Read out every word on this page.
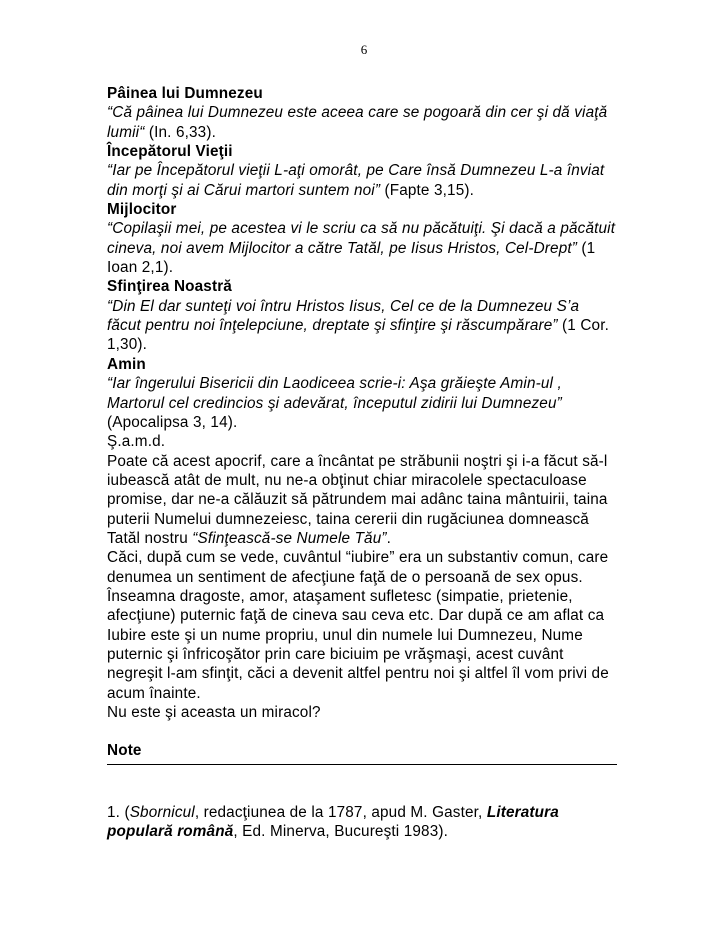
6

Pâinea lui Dumnezeu

“Că pâinea lui Dumnezeu este aceea care se pogoară din cer şi dă viaţă lumii“ (In. 6,33).

Începătorul Vieţii

“Iar pe Începătorul vieţii L-aţi omorât, pe Care însă Dumnezeu L-a înviat din morţi şi ai Cărui martori suntem noi” (Fapte 3,15).

Mijlocitor

“Copilaşii mei, pe acestea vi le scriu ca să nu păcătuiţi. Şi dacă a păcătuit cineva, noi avem Mijlocitor a către Tatăl, pe Iisus Hristos, Cel-Drept” (1 Ioan 2,1).

Sfinţirea Noastră

“Din El dar sunteţi voi întru Hristos Iisus, Cel ce de la Dumnezeu S’a făcut pentru noi înţelepciune, dreptate şi sfinţire şi răscumpărare” (1 Cor. 1,30).

Amin

“Iar îngerului Bisericii din Laodiceea scrie-i: Aşa grăieşte Amin-ul , Martorul cel credincios şi adevărat, începutul zidirii lui Dumnezeu” (Apocalipsa 3, 14).

Ş.a.m.d.

Poate că acest apocrif, care a încântat pe străbunii noştri şi i-a făcut să-l iubească atât de mult, nu ne-a obţinut chiar miracolele spectaculoase promise, dar ne-a călăuzit să pătrundem mai adânc taina mântuirii, taina puterii Numelui dumnezeiesc, taina cererii din rugăciunea domnească Tatăl nostru “Sfinţească-se Numele Tău”.

Căci, după cum se vede, cuvântul “iubire” era un substantiv comun, care denumea un sentiment de afecţiune faţă de o persoană de sex opus. Înseamna dragoste, amor, ataşament sufletesc (simpatie, prietenie, afecţiune) puternic faţă de cineva sau ceva etc. Dar după ce am aflat ca Iubire este şi un nume propriu, unul din numele lui Dumnezeu, Nume puternic şi înfricoşător prin care biciuim pe vrăşmaşi, acest cuvânt negreşit l-am sfinţit, căci a devenit altfel pentru noi şi altfel îl vom privi de acum înainte.

Nu este şi aceasta un miracol?

Note

1. (Sbornicul, redacţiunea de la 1787, apud M. Gaster, Literatura populară română, Ed. Minerva, Bucureşti 1983).
